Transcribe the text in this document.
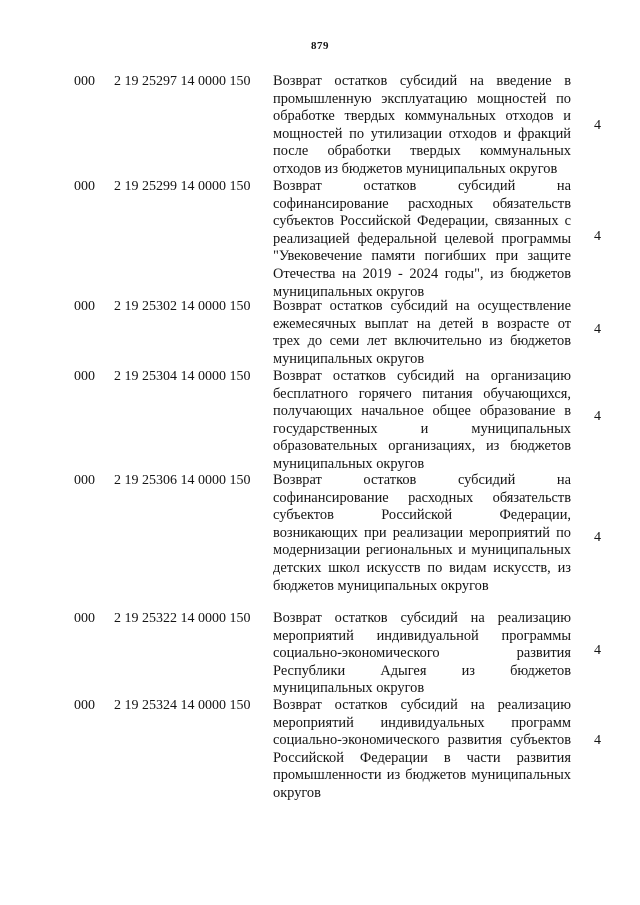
879
000 2 19 25297 14 0000 150 Возврат остатков субсидий на введение в промышленную эксплуатацию мощностей по обработке твердых коммунальных отходов и мощностей по утилизации отходов и фракций после обработки твердых коммунальных отходов из бюджетов муниципальных округов
4
000 2 19 25299 14 0000 150 Возврат остатков субсидий на софинансирование расходных обязательств субъектов Российской Федерации, связанных с реализацией федеральной целевой программы "Увековечение памяти погибших при защите Отечества на 2019 - 2024 годы", из бюджетов муниципальных округов
4
000 2 19 25302 14 0000 150 Возврат остатков субсидий на осуществление ежемесячных выплат на детей в возрасте от трех до семи лет включительно из бюджетов муниципальных округов
4
000 2 19 25304 14 0000 150 Возврат остатков субсидий на организацию бесплатного горячего питания обучающихся, получающих начальное общее образование в государственных и муниципальных образовательных организациях, из бюджетов муниципальных округов
4
000 2 19 25306 14 0000 150 Возврат остатков субсидий на софинансирование расходных обязательств субъектов Российской Федерации, возникающих при реализации мероприятий по модернизации региональных и муниципальных детских школ искусств по видам искусств, из бюджетов муниципальных округов
4
000 2 19 25322 14 0000 150 Возврат остатков субсидий на реализацию мероприятий индивидуальной программы социально-экономического развития Республики Адыгея из бюджетов муниципальных округов
4
000 2 19 25324 14 0000 150 Возврат остатков субсидий на реализацию мероприятий индивидуальных программ социально-экономического развития субъектов Российской Федерации в части развития промышленности из бюджетов муниципальных округов
4
